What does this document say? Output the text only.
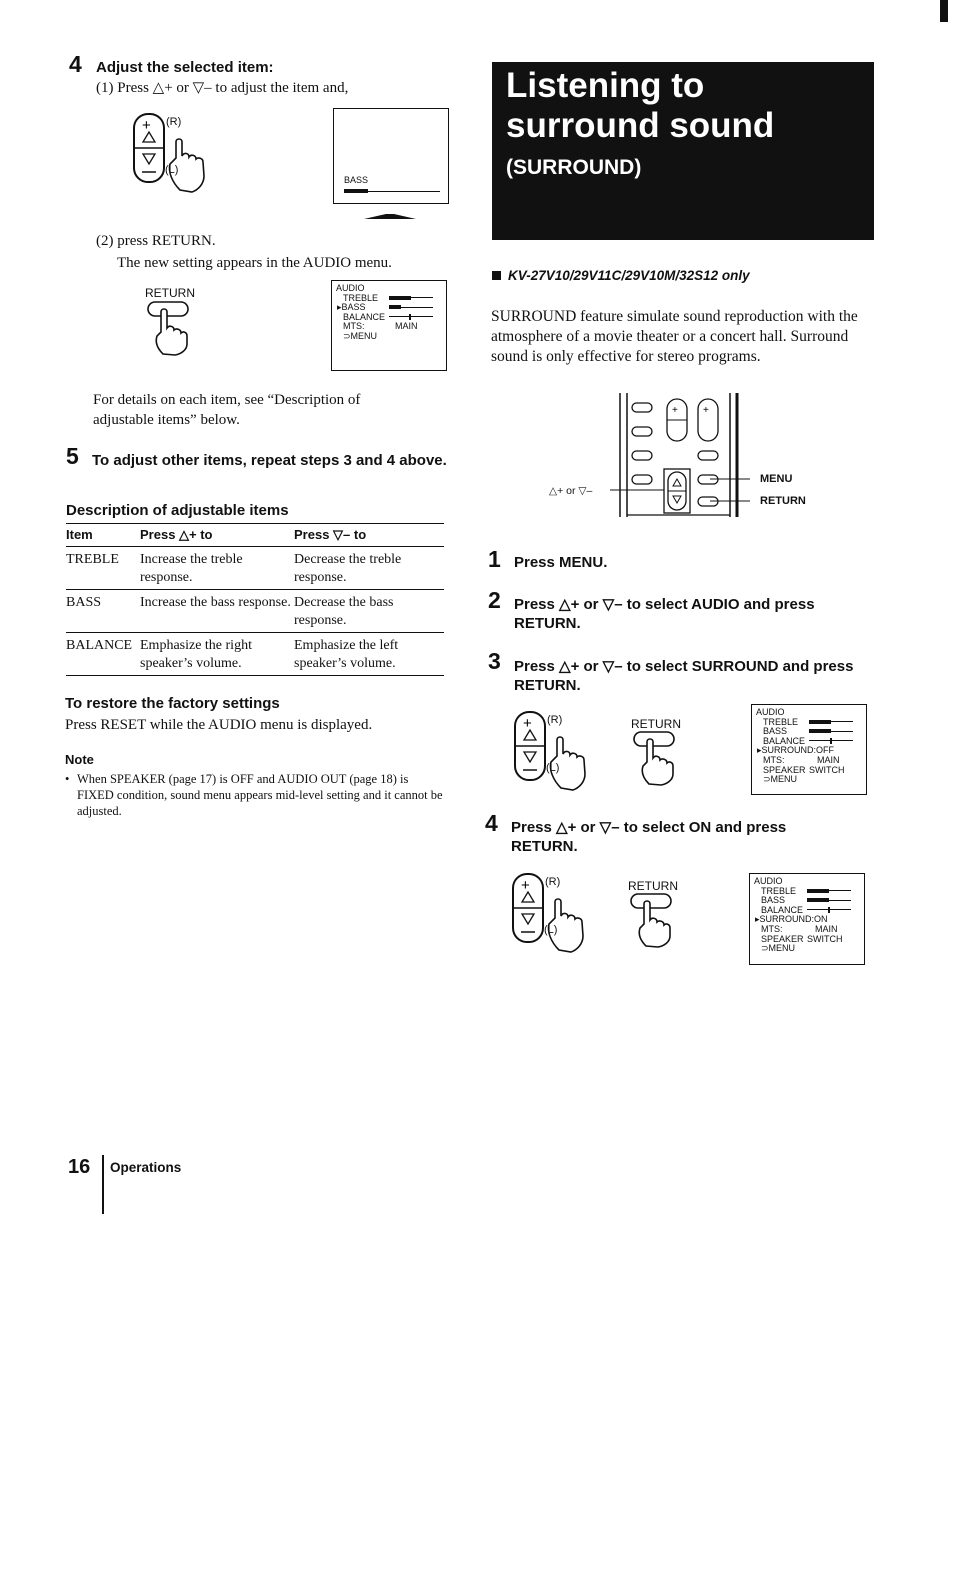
4 Adjust the selected item:
(1) Press △+ or ▽– to adjust the item and,
+ (R)
(L)
BASS
(2) press RETURN.
The new setting appears in the AUDIO menu.
RETURN	AUDIO
TREBLE
▸BASS
BALANCE
MTS:	MAIN
⊃MENU
For details on each item, see “Description of adjustable items” below.
5 To adjust other items, repeat steps 3 and 4 above.
Description of adjustable items
Item	Press △+ to	Press ▽– to
TREBLE	Increase the treble response.	Decrease the treble response.
BASS	Increase the bass response.	Decrease the bass response.
BALANCE	Emphasize the right speaker’s volume.	Emphasize the left speaker’s volume.
To restore the factory settings
Press RESET while the AUDIO menu is displayed.
Note
• When SPEAKER (page 17) is OFF and AUDIO OUT (page 18) is FIXED condition, sound menu appears mid-level setting and it cannot be adjusted.
Listening to
surround sound
(SURROUND)
KV-27V10/29V11C/29V10M/32S12 only
SURROUND feature simulate sound reproduction with the atmosphere of a movie theater or a concert hall. Surround sound is only effective for stereo programs.
+	+
△+ or ▽–
MENU
RETURN
1 Press MENU.
2 Press △+ or ▽– to select AUDIO and press RETURN.
3 Press △+ or ▽– to select SURROUND and press RETURN.
+ (R)
(L)
RETURN
AUDIO
TREBLE
BASS
BALANCE
▸SURROUND:OFF
MTS:	MAIN
SPEAKER SWITCH
⊃MENU
4 Press △+ or ▽– to select ON and press RETURN.
+ (R)
(L)
RETURN	AUDIO
TREBLE
BASS
BALANCE
▸SURROUND:ON
MTS:	MAIN
SPEAKER SWITCH
⊃MENU
16 Operations
